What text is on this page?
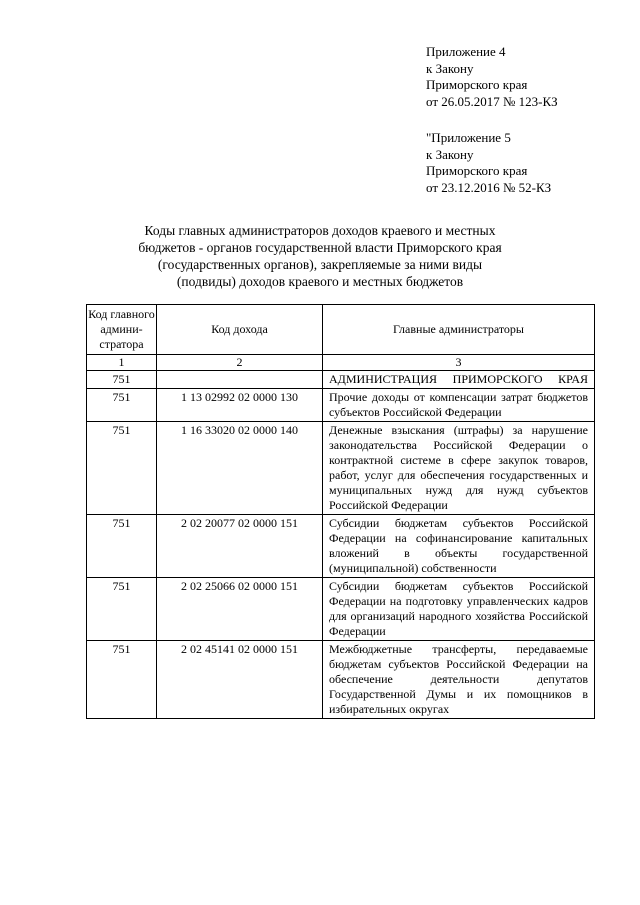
Приложение 4
к Закону
Приморского края
от 26.05.2017 № 123-КЗ
"Приложение 5
к Закону
Приморского края
от 23.12.2016 № 52-КЗ
Коды главных администраторов доходов краевого и местных
бюджетов - органов государственной власти Приморского края
(государственных органов), закрепляемые за ними виды
(подвиды) доходов краевого и местных бюджетов
Код главного админи-стратора	Код дохода	Главные администраторы
1	2	3
751		АДМИНИСТРАЦИЯ ПРИМОРСКОГО КРАЯ
751	1 13 02992 02 0000 130	Прочие доходы от компенсации затрат бюджетов субъектов Российской Федерации
751	1 16 33020 02 0000 140	Денежные взыскания (штрафы) за нарушение законодательства Российской Федерации о контрактной системе в сфере закупок товаров, работ, услуг для обеспечения государственных и муниципальных нужд для нужд субъектов Российской Федерации
751	2 02 20077 02 0000 151	Субсидии бюджетам субъектов Российской Федерации на софинансирование капитальных вложений в объекты государственной (муниципальной) собственности
751	2 02 25066 02 0000 151	Субсидии бюджетам субъектов Российской Федерации на подготовку управленческих кадров для организаций народного хозяйства Российской Федерации
751	2 02 45141 02 0000 151	Межбюджетные трансферты, передаваемые бюджетам субъектов Российской Федерации на обеспечение деятельности депутатов Государственной Думы и их помощников в избирательных округах
